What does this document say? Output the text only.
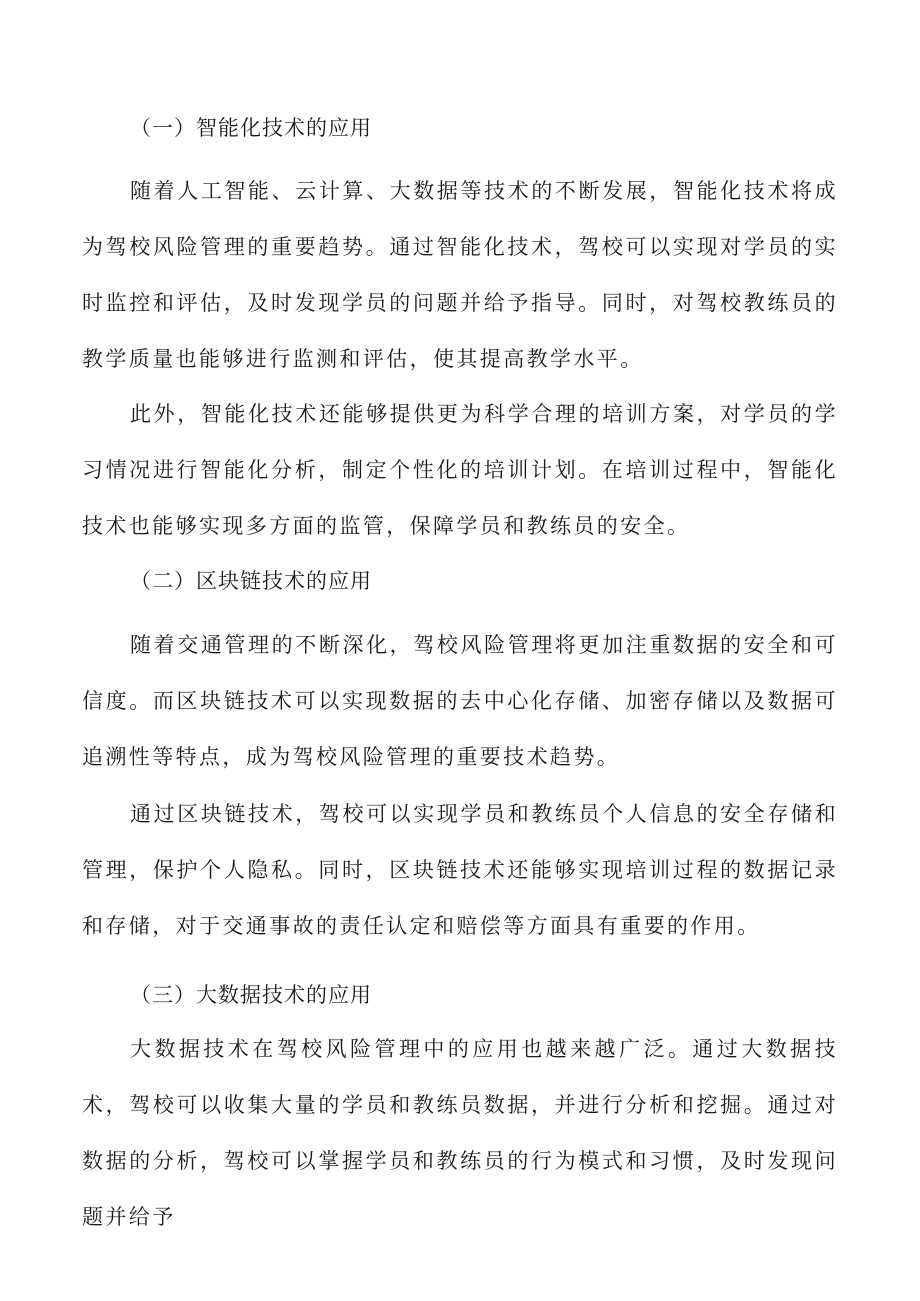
（一）智能化技术的应用

随着人工智能、云计算、大数据等技术的不断发展，智能化技术将成为驾校风险管理的重要趋势。通过智能化技术，驾校可以实现对学员的实时监控和评估，及时发现学员的问题并给予指导。同时，对驾校教练员的教学质量也能够进行监测和评估，使其提高教学水平。

此外，智能化技术还能够提供更为科学合理的培训方案，对学员的学习情况进行智能化分析，制定个性化的培训计划。在培训过程中，智能化技术也能够实现多方面的监管，保障学员和教练员的安全。

（二）区块链技术的应用

随着交通管理的不断深化，驾校风险管理将更加注重数据的安全和可信度。而区块链技术可以实现数据的去中心化存储、加密存储以及数据可追溯性等特点，成为驾校风险管理的重要技术趋势。

通过区块链技术，驾校可以实现学员和教练员个人信息的安全存储和管理，保护个人隐私。同时，区块链技术还能够实现培训过程的数据记录和存储，对于交通事故的责任认定和赔偿等方面具有重要的作用。

（三）大数据技术的应用

大数据技术在驾校风险管理中的应用也越来越广泛。通过大数据技术，驾校可以收集大量的学员和教练员数据，并进行分析和挖掘。通过对数据的分析，驾校可以掌握学员和教练员的行为模式和习惯，及时发现问题并给予
